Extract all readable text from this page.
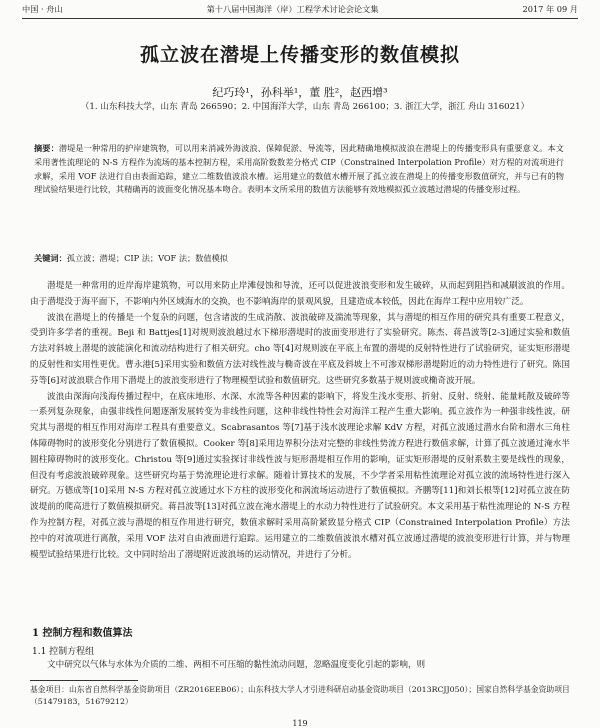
中国 · 舟山	第十八届中国海洋（岸）工程学术讨论会论文集	2017 年 09 月
孤立波在潜堤上传播变形的数值模拟
纪巧玲¹，孙科举¹，董 胜²，赵西增³
（1. 山东科技大学，山东 青岛 266590；2. 中国海洋大学，山东 青岛 266100；3. 浙江大学，浙江 舟山 316021）
摘要：潜堤是一种常用的护岸建筑物，可以用来消减外海波浪、保障促淤、导流等，因此精确地模拟波浪在潜堤上的传播变形具有重要意义。本文采用著性流理论的 N-S 方程作为流场的基本控制方程，采用高阶数数差分格式 CIP（Constrained Interpolation Profile）对方程的对流项进行求解，采用 VOF 法进行自由表面追踪，建立二维数值波浪水槽。运用建立的数值水槽开展了孤立波在潜堤上的传播变形数值研究，并与已有的物理试验结果进行比较，其精确再的波面变化情况基本吻合。表明本文所采用的数值方法能够有效地模拟孤立波越过潜堤的传播变形过程。
关键词：孤立波；潜堤；CIP 法；VOF 法；数值模拟

潜堤是一种常用的近岸海岸建筑物，可以用来防止岸滩侵蚀和导流，还可以促进波浪变形和发生破碎，从而起到阻挡和减刷波浪的作用。由于潜堤没于海平面下，不影响内外区域海水的交换，也不影响海岸的景观风貌，且建造成本较低，因此在海岸工程中应用较广泛。

波浪在潜堤上的传播是一个复杂的问题，包含诸波的生成消散、波浪破碎及湍流等现象，其与潜堤的相互作用的研究具有重要工程意义，受到许多学者的重视。Beji 和 Battjes[1]对规则波浪越过水下梯形潜堤时的波面变形进行了实验研究。陈杰、蒋昌波等[2-3]通过实验和数值方法对斜坡上潜堤的波能演化和流动结构进行了相关研究。cho 等[4]对规则波在平底上布置的潜堤的反射特性进行了试验研究，证实矩形潜堤的反射性和实用性更优。曹永港[5]采用实验和数值方法对线性波与椭奇波在平底及斜坡上不可渗双梯形潜堤附近的动力特性进行了研究。陈国芬等[6]对波浪联合作用下潜堤上的波浪变形进行了物理模型试验和数值研究。这些研究多数基于规则波或椭奇波开展。

波浪由深海向浅海传播过程中，在底床地形、水深、水流等各种因素的影响下，将发生浅水变形、折射、反射、绕射、能量耗散及破碎等一系列复杂现象，由强非线性问题逐渐发展转变为非线性问题，这种非线性特性会对海洋工程产生重大影响。孤立波作为一种强非线性波，研究其与潜堤的相互作用对海岸工程具有重要意义。Scabrasantos 等[7]基于浅水波理论求解 KdV 方程，对孤立波通过潜水台阶和潜水三角柱体障碍物时的波形变化分别进行了数值模拟。Cooker 等[8]采用边界积分法对完整的非线性势流方程进行数值求解，计算了孤立波通过淹水半圆柱障碍物时的波形变化。Christou 等[9]通过实验探讨非线性波与矩形潜堤相互作用的影响，证实矩形潜堤的反射系数主要是线性的现象，但没有考虑波浪破碎现象。这些研究均基于势流理论进行求解。随着计算技术的发展，不少学者采用粘性流理论对孤立波的流场特性进行深入研究。万德成等[10]采用 N-S 方程对孤立波通过水下方柱的波形变化和涡流场运动进行了数值模拟。齐鹏等[11]和刘长根等[12]对孤立波在防波堤前的爬高进行了数值模拟研究。蒋昌波等[13]对孤立波在淹水潜堤上的水动力特性进行了试验研究。本文采用基于粘性流理论的 N-S 方程作为控制方程，对孤立波与潜堤的相互作用进行研究，数值求解时采用高阶紧致显分格式 CIP（Constrained Interpolation Profile）方法控中的对流项进行离散，采用 VOF 法对自由液面进行追踪。运用建立的二维数值波浪水槽对孤立波通过潜堤的波浪变形进行计算，并与物理模型试验结果进行比较。文中同时给出了潜堤附近波浪场的运动情况，并进行了分析。

1 控制方程和数值算法
1.1 控制方程组

文中研究以气体与水体为介质的二维、两相不可压缩的黏性流动问题，忽略温度变化引起的影响，则

基金项目：山东省自然科学基金资助项目（ZR2016EEB06）；山东科技大学人才引进科研启动基金资助项目（2013RCJJ050）；国家自然科学基金资助项目（51479183，51679212）
119
